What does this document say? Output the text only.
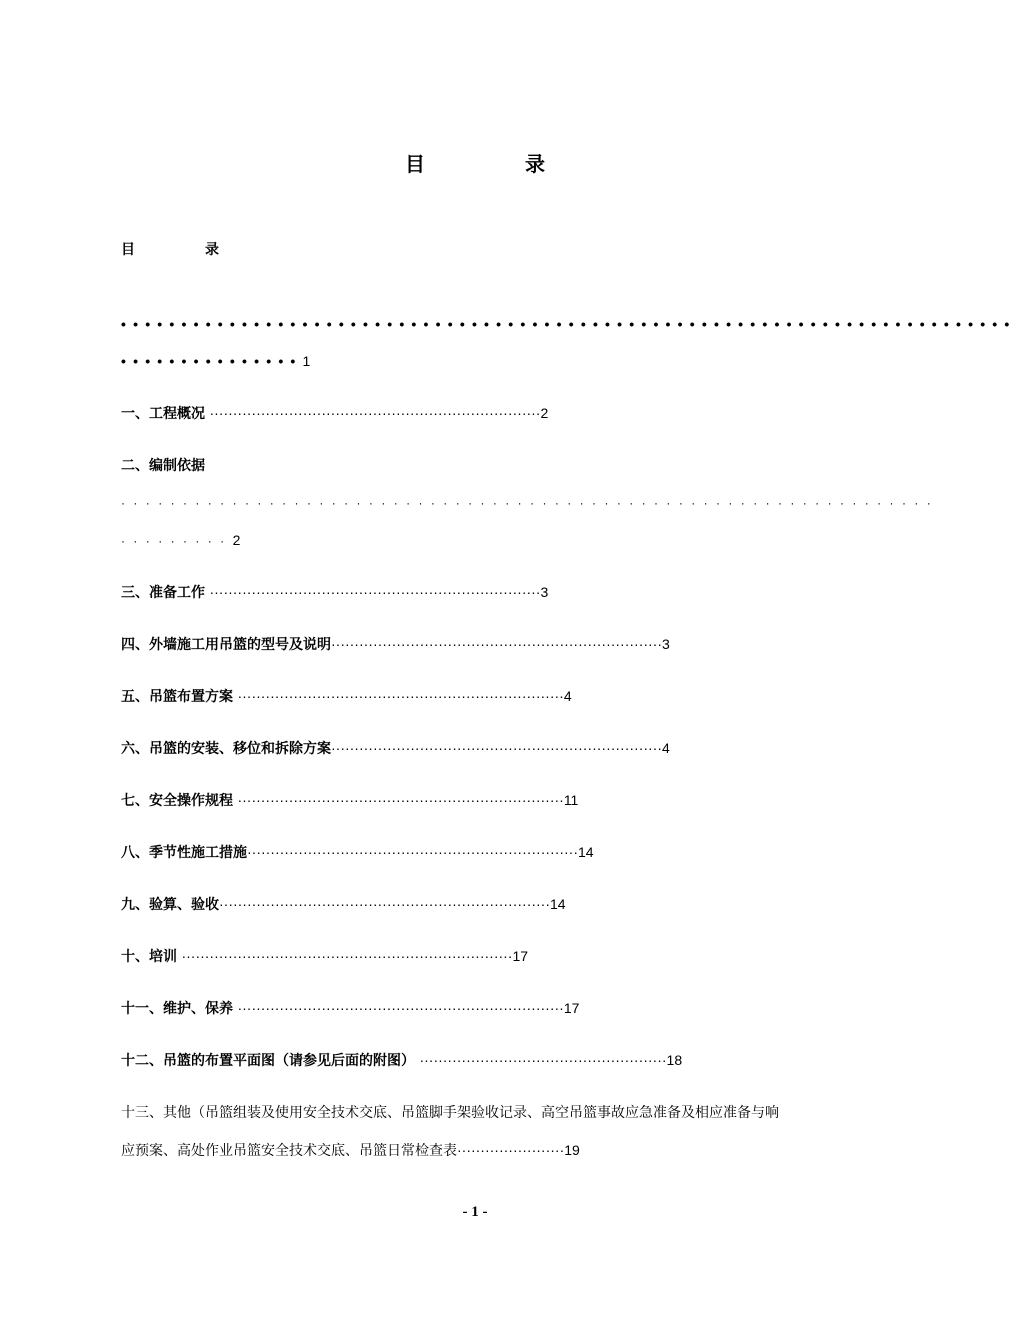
目　录
目　录
••••••••••••••••••••••••••••••••••••••••••••••••••••••••••••••••••••••••••
•••••••••••••••1
一、工程概况 ·······································································2
二、编制依据
··································································
·········2
三、准备工作 ·······································································3
四、外墙施工用吊篮的型号及说明·······································································3
五、吊篮布置方案 ······································································4
六、吊篮的安装、移位和拆除方案·······································································4
七、安全操作规程 ······································································11
八、季节性施工措施·······································································14
九、验算、验收·······································································14
十、培训 ·······································································17
十一、维护、保养 ······································································17
十二、吊篮的布置平面图（请参见后面的附图） ·····················································18
十三、其他（吊篮组装及使用安全技术交底、吊篮脚手架验收记录、高空吊篮事故应急准备及相应准备与响
应预案、高处作业吊篮安全技术交底、吊篮日常检查表·······················19
- 1 -
